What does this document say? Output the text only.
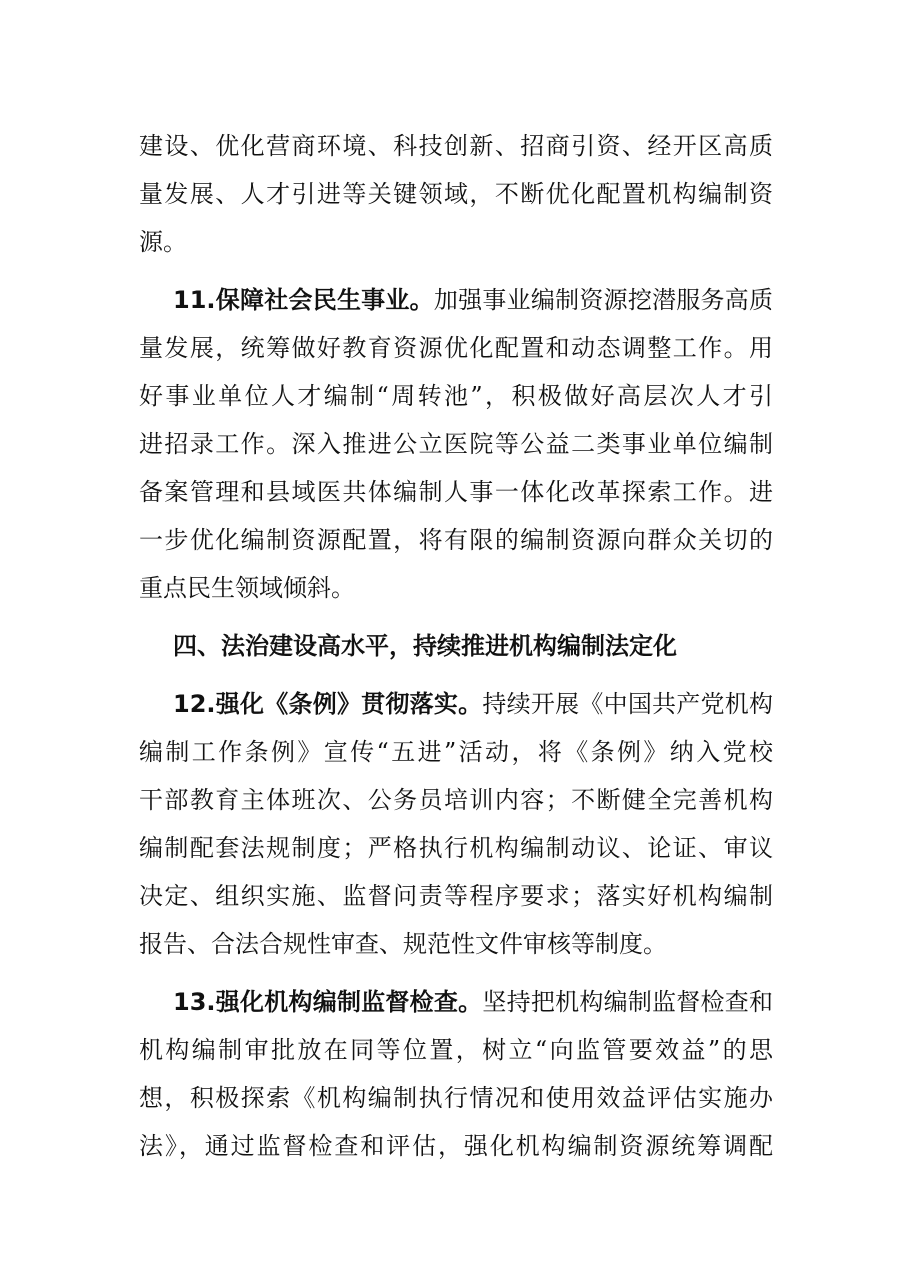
建设、优化营商环境、科技创新、招商引资、经开区高质
量发展、人才引进等关键领域，不断优化配置机构编制资
源。
11.保障社会民生事业。加强事业编制资源挖潜服务高质
量发展，统筹做好教育资源优化配置和动态调整工作。用
好事业单位人才编制“周转池”，积极做好高层次人才引
进招录工作。深入推进公立医院等公益二类事业单位编制
备案管理和县域医共体编制人事一体化改革探索工作。进
一步优化编制资源配置，将有限的编制资源向群众关切的
重点民生领域倾斜。
四、法治建设高水平，持续推进机构编制法定化
12.强化《条例》贯彻落实。持续开展《中国共产党机构
编制工作条例》宣传“五进”活动，将《条例》纳入党校
干部教育主体班次、公务员培训内容；不断健全完善机构
编制配套法规制度；严格执行机构编制动议、论证、审议
决定、组织实施、监督问责等程序要求；落实好机构编制
报告、合法合规性审查、规范性文件审核等制度。
13.强化机构编制监督检查。坚持把机构编制监督检查和
机构编制审批放在同等位置，树立“向监管要效益”的思
想，积极探索《机构编制执行情况和使用效益评估实施办
法》，通过监督检查和评估，强化机构编制资源统筹调配
